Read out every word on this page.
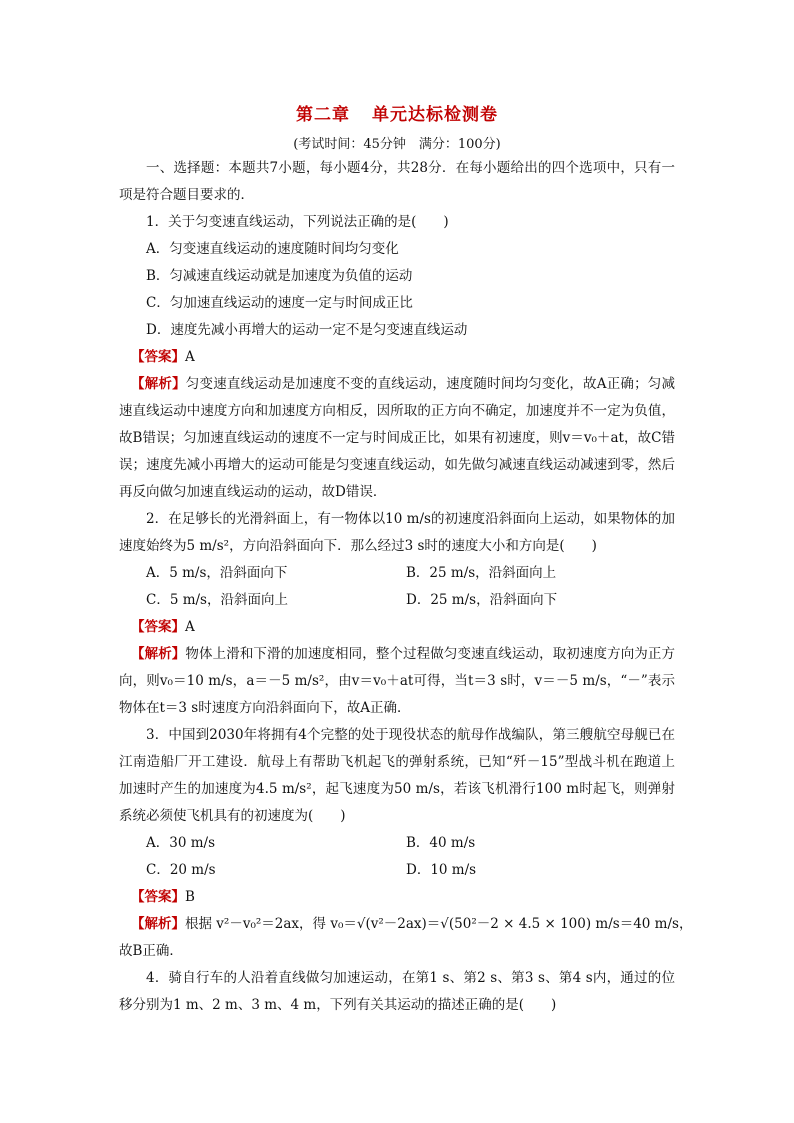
第二章 单元达标检测卷
(考试时间：45分钟　满分：100分)

一、选择题：本题共7小题，每小题4分，共28分．在每小题给出的四个选项中，只有一项是符合题目要求的．

1．关于匀变速直线运动，下列说法正确的是(　　)

A．匀变速直线运动的速度随时间均匀变化

B．匀减速直线运动就是加速度为负值的运动

C．匀加速直线运动的速度一定与时间成正比

D．速度先减小再增大的运动一定不是匀变速直线运动

【答案】A

【解析】匀变速直线运动是加速度不变的直线运动，速度随时间均匀变化，故A正确；匀减速直线运动中速度方向和加速度方向相反，因所取的正方向不确定，加速度并不一定为负值，故B错误；匀加速直线运动的速度不一定与时间成正比，如果有初速度，则v＝v₀＋at，故C错误；速度先减小再增大的运动可能是匀变速直线运动，如先做匀减速直线运动减速到零，然后再反向做匀加速直线运动的运动，故D错误．

2．在足够长的光滑斜面上，有一物体以10 m/s的初速度沿斜面向上运动，如果物体的加速度始终为5 m/s²，方向沿斜面向下．那么经过3 s时的速度大小和方向是(　　)

A．5 m/s，沿斜面向下	B．25 m/s，沿斜面向上
C．5 m/s，沿斜面向上	D．25 m/s，沿斜面向下
【答案】A

【解析】物体上滑和下滑的加速度相同，整个过程做匀变速直线运动，取初速度方向为正方向，则v₀＝10 m/s，a＝－5 m/s²，由v＝v₀＋at可得，当t＝3 s时，v＝－5 m/s，“－”表示物体在t＝3 s时速度方向沿斜面向下，故A正确．

3．中国到2030年将拥有4个完整的处于现役状态的航母作战编队，第三艘航空母舰已在江南造船厂开工建设．航母上有帮助飞机起飞的弹射系统，已知“歼－15”型战斗机在跑道上加速时产生的加速度为4.5 m/s²，起飞速度为50 m/s，若该飞机滑行100 m时起飞，则弹射系统必须使飞机具有的初速度为(　　)

A．30 m/s	B．40 m/s
C．20 m/s	D．10 m/s
【答案】B

【解析】根据 v²－v₀²＝2ax，得 v₀＝√(v²－2ax)＝√(50²－2 × 4.5 × 100) m/s＝40 m/s，

故B正确．

4．骑自行车的人沿着直线做匀加速运动，在第1 s、第2 s、第3 s、第4 s内，通过的位移分别为1 m、2 m、3 m、4 m，下列有关其运动的描述正确的是(　　)
